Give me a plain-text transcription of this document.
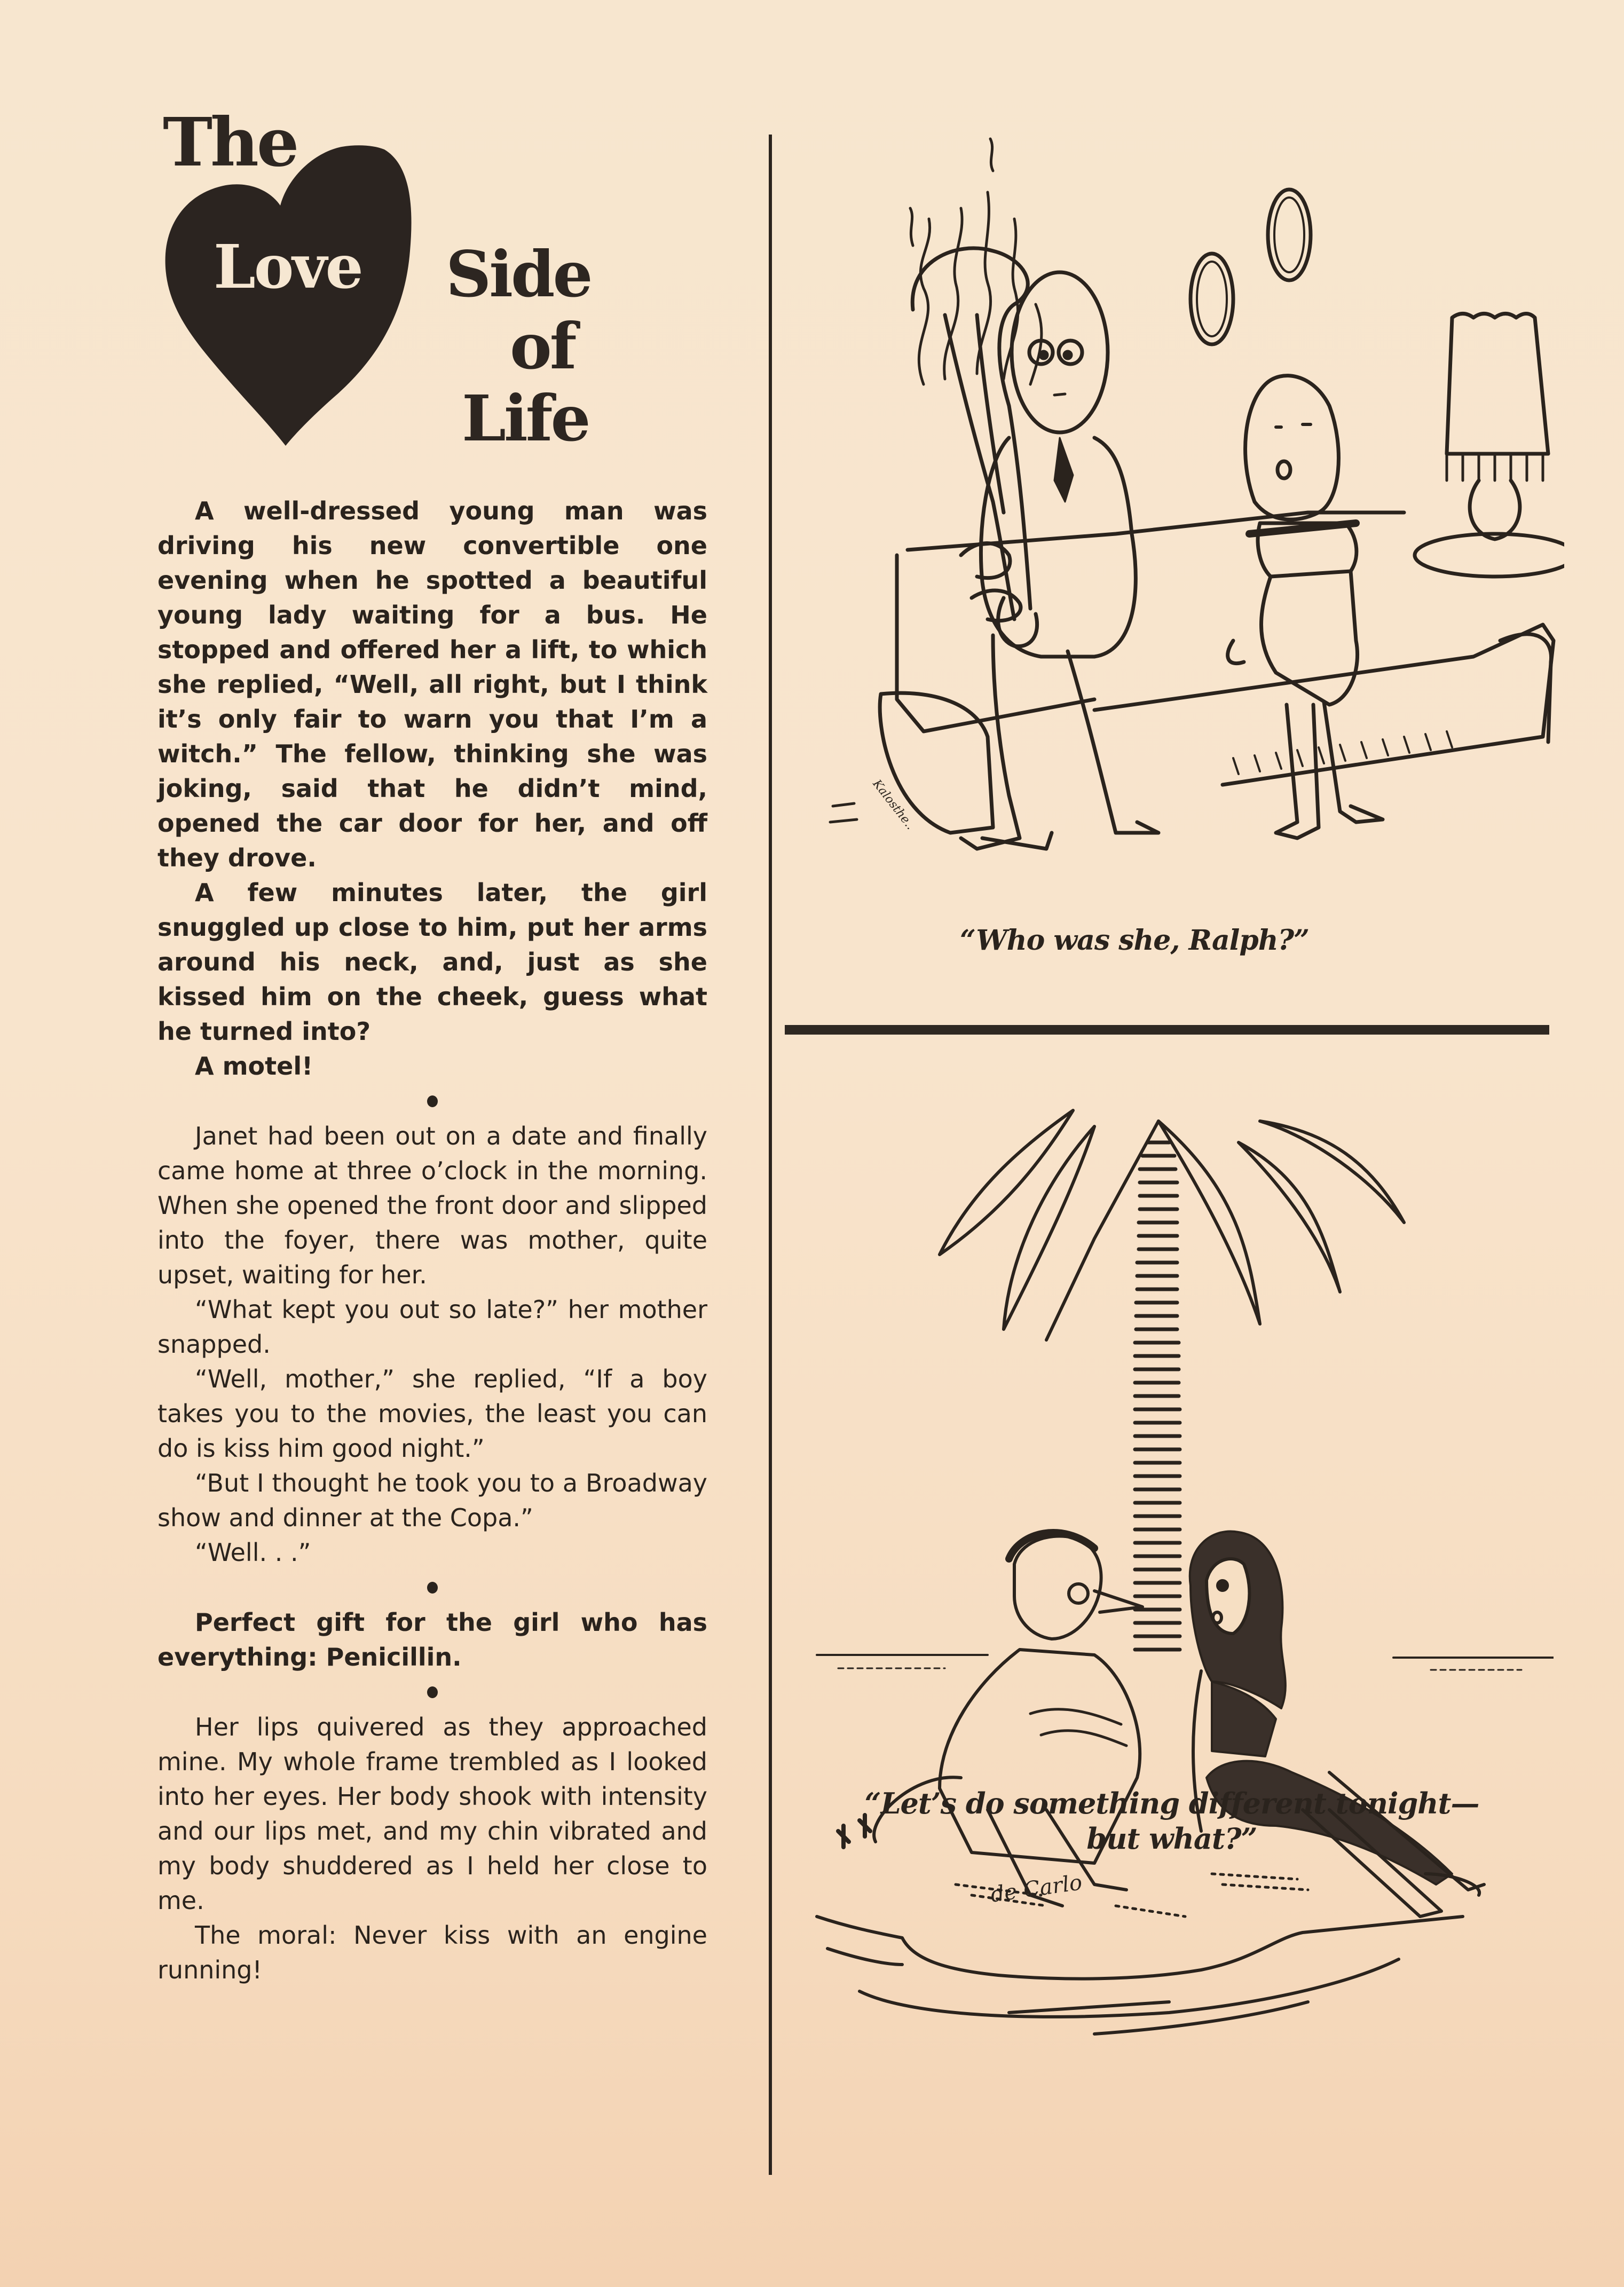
The
Love Side
of
Life

A well-dressed young man was driving his new convertible one evening when he spotted a beautiful young lady waiting for a bus. He stopped and offered her a lift, to which she replied, “Well, all right, but I think it’s only fair to warn you that I’m a witch.” The fellow, thinking she was joking, said that he didn’t mind, opened the car door for her, and off they drove.

A few minutes later, the girl snuggled up close to him, put her arms around his neck, and, just as she kissed him on the cheek, guess what he turned into?

A motel!

Janet had been out on a date and finally came home at three o’clock in the morning. When she opened the front door and slipped into the foyer, there was mother, quite upset, waiting for her.

“What kept you out so late?” her mother snapped.

“Well, mother,” she replied, “If a boy takes you to the movies, the least you can do is kiss him good night.”

“But I thought he took you to a Broadway show and dinner at the Copa.”

“Well. . .”

Perfect gift for the girl who has everything: Penicillin.

Her lips quivered as they approached mine. My whole frame trembled as I looked into her eyes. Her body shook with intensity and our lips met, and my chin vibrated and my body shuddered as I held her close to me.

The moral: Never kiss with an engine running!

Kalosthe..
“Who was she, Ralph?”
de Carlo
“Let’s do something different tonight—
but what?”
